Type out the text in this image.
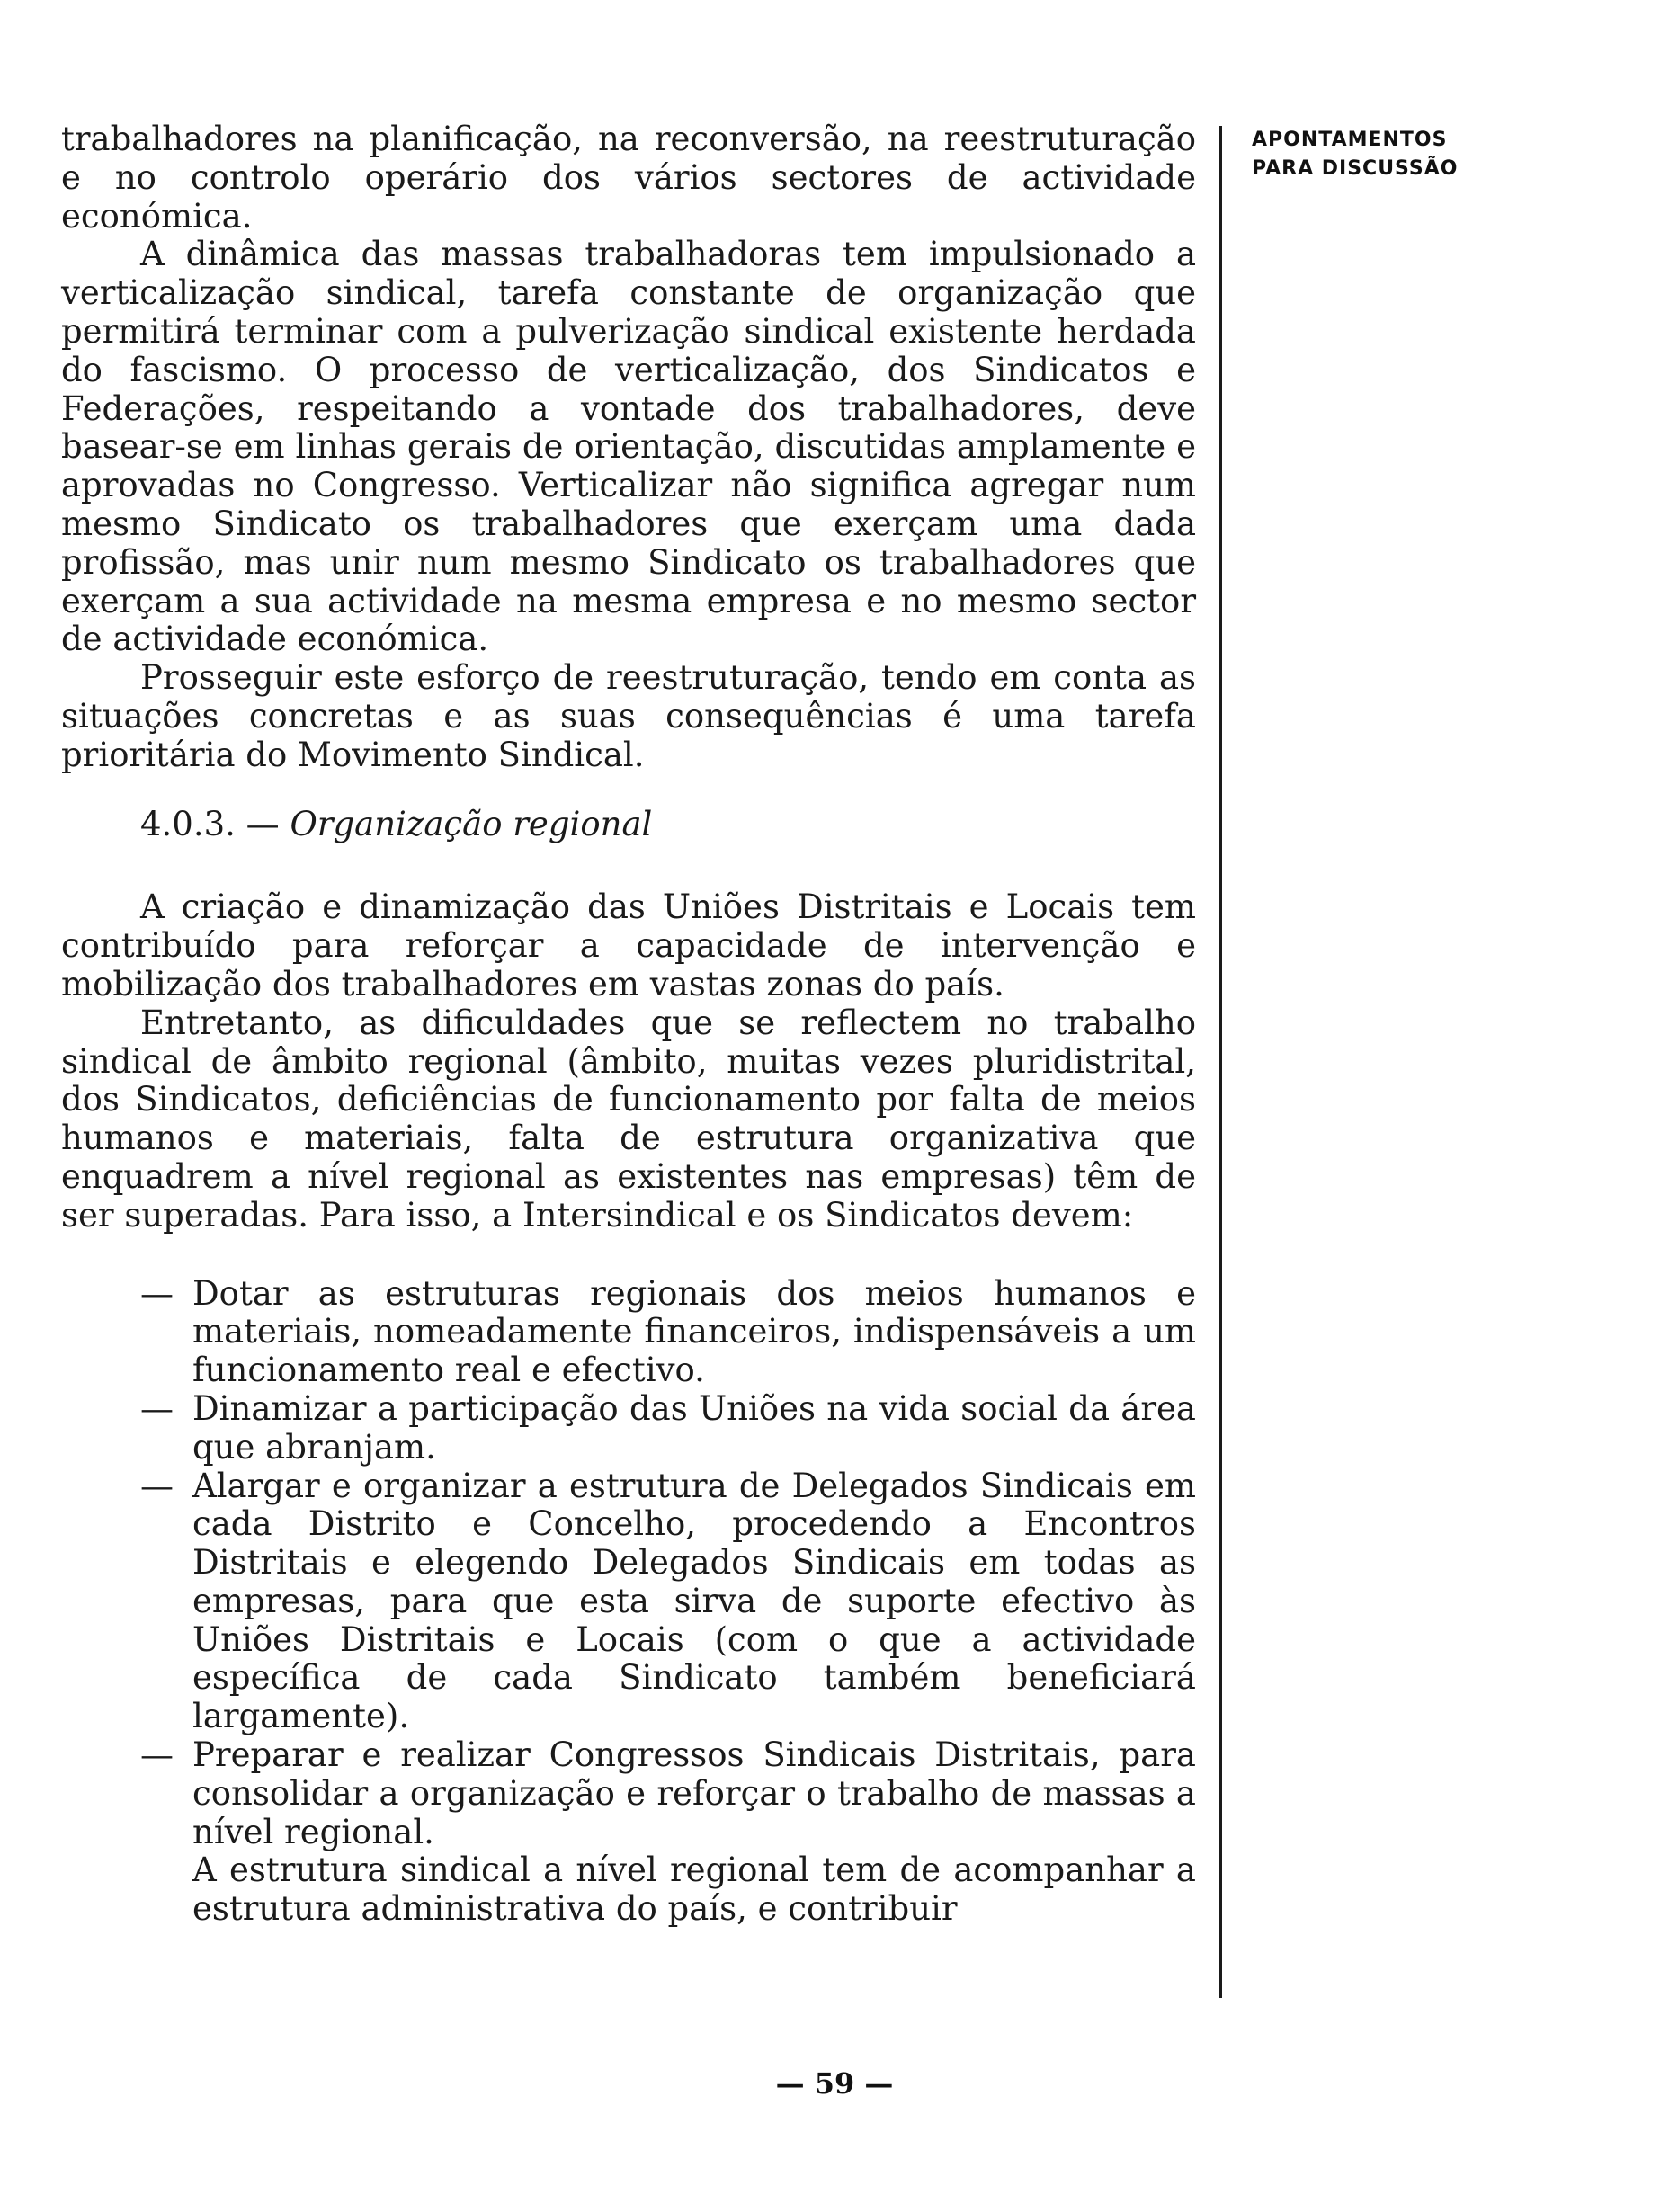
APONTAMENTOS
PARA DISCUSSÃO

trabalhadores na planificação, na reconversão, na reestruturação e no controlo operário dos vários sectores de actividade económica.

A dinâmica das massas trabalhadoras tem impulsionado a verticalização sindical, tarefa constante de organização que permitirá terminar com a pulverização sindical existente herdada do fascismo. O processo de verticalização, dos Sindicatos e Federações, respeitando a vontade dos trabalhadores, deve basear-se em linhas gerais de orientação, discutidas amplamente e aprovadas no Congresso. Verticalizar não significa agregar num mesmo Sindicato os trabalhadores que exerçam uma dada profissão, mas unir num mesmo Sindicato os trabalhadores que exerçam a sua actividade na mesma empresa e no mesmo sector de actividade económica.

Prosseguir este esforço de reestruturação, tendo em conta as situações concretas e as suas consequências é uma tarefa prioritária do Movimento Sindical.

4.0.3. — Organização regional

A criação e dinamização das Uniões Distritais e Locais tem contribuído para reforçar a capacidade de intervenção e mobilização dos trabalhadores em vastas zonas do país.

Entretanto, as dificuldades que se reflectem no trabalho sindical de âmbito regional (âmbito, muitas vezes pluridistrital, dos Sindicatos, deficiências de funcionamento por falta de meios humanos e materiais, falta de estrutura organizativa que enquadrem a nível regional as existentes nas empresas) têm de ser superadas. Para isso, a Intersindical e os Sindicatos devem:

— Dotar as estruturas regionais dos meios humanos e materiais, nomeadamente financeiros, indispensáveis a um funcionamento real e efectivo.
— Dinamizar a participação das Uniões na vida social da área que abranjam.
— Alargar e organizar a estrutura de Delegados Sindicais em cada Distrito e Concelho, procedendo a Encontros Distritais e elegendo Delegados Sindicais em todas as empresas, para que esta sirva de suporte efectivo às Uniões Distritais e Locais (com o que a actividade específica de cada Sindicato também beneficiará largamente).
— Preparar e realizar Congressos Sindicais Distritais, para consolidar a organização e reforçar o trabalho de massas a nível regional.

A estrutura sindical a nível regional tem de acompanhar a estrutura administrativa do país, e contribuir

— 59 —
